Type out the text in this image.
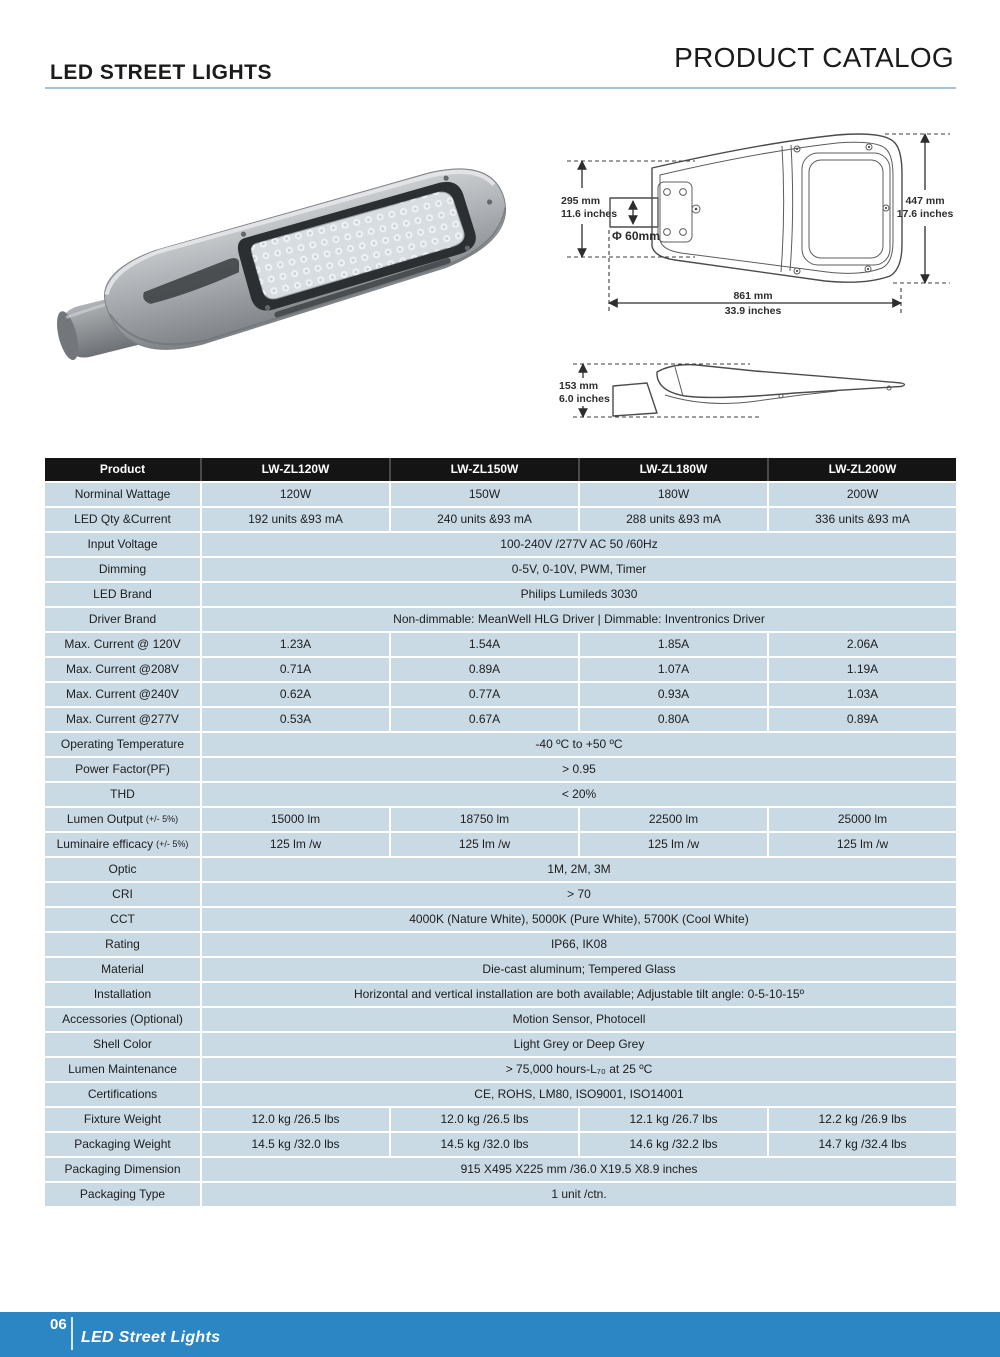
LED STREET LIGHTS	PRODUCT CATALOG
295 mm
11.6 inches
Φ 60mm
447 mm
17.6 inches
861 mm
33.9 inches
153 mm
6.0 inches
Product	LW-ZL120W	LW-ZL150W	LW-ZL180W	LW-ZL200W
Norminal Wattage	120W	150W	180W	200W
LED Qty &Current	192 units &93 mA	240 units &93 mA	288 units &93 mA	336 units &93 mA
Input Voltage	100-240V /277V AC 50 /60Hz
Dimming	0-5V, 0-10V, PWM, Timer
LED Brand	Philips Lumileds 3030
Driver Brand	Non-dimmable: MeanWell HLG Driver | Dimmable: Inventronics Driver
Max. Current @ 120V	1.23A	1.54A	1.85A	2.06A
Max. Current @208V	0.71A	0.89A	1.07A	1.19A
Max. Current @240V	0.62A	0.77A	0.93A	1.03A
Max. Current @277V	0.53A	0.67A	0.80A	0.89A
Operating Temperature	-40 ºC to +50 ºC
Power Factor(PF)	> 0.95
THD	< 20%
Lumen Output (+/- 5%)	15000 lm	18750 lm	22500 lm	25000 lm
Luminaire efficacy (+/- 5%)	125 lm /w	125 lm /w	125 lm /w	125 lm /w
Optic	1M, 2M, 3M
CRI	> 70
CCT	4000K (Nature White), 5000K (Pure White), 5700K (Cool White)
Rating	IP66, IK08
Material	Die-cast aluminum; Tempered Glass
Installation	Horizontal and vertical installation are both available; Adjustable tilt angle: 0-5-10-15º
Accessories (Optional)	Motion Sensor, Photocell
Shell Color	Light Grey or Deep Grey
Lumen Maintenance	> 75,000 hours-L₇₀ at 25 ºC
Certifications	CE, ROHS, LM80, ISO9001, ISO14001
Fixture Weight	12.0 kg /26.5 lbs	12.0 kg /26.5 lbs	12.1 kg /26.7 lbs	12.2 kg /26.9 lbs
Packaging Weight	14.5 kg /32.0 lbs	14.5 kg /32.0 lbs	14.6 kg /32.2 lbs	14.7 kg /32.4 lbs
Packaging Dimension	915 X495 X225 mm /36.0 X19.5 X8.9 inches
Packaging Type	1 unit /ctn.
06
LED Street Lights
